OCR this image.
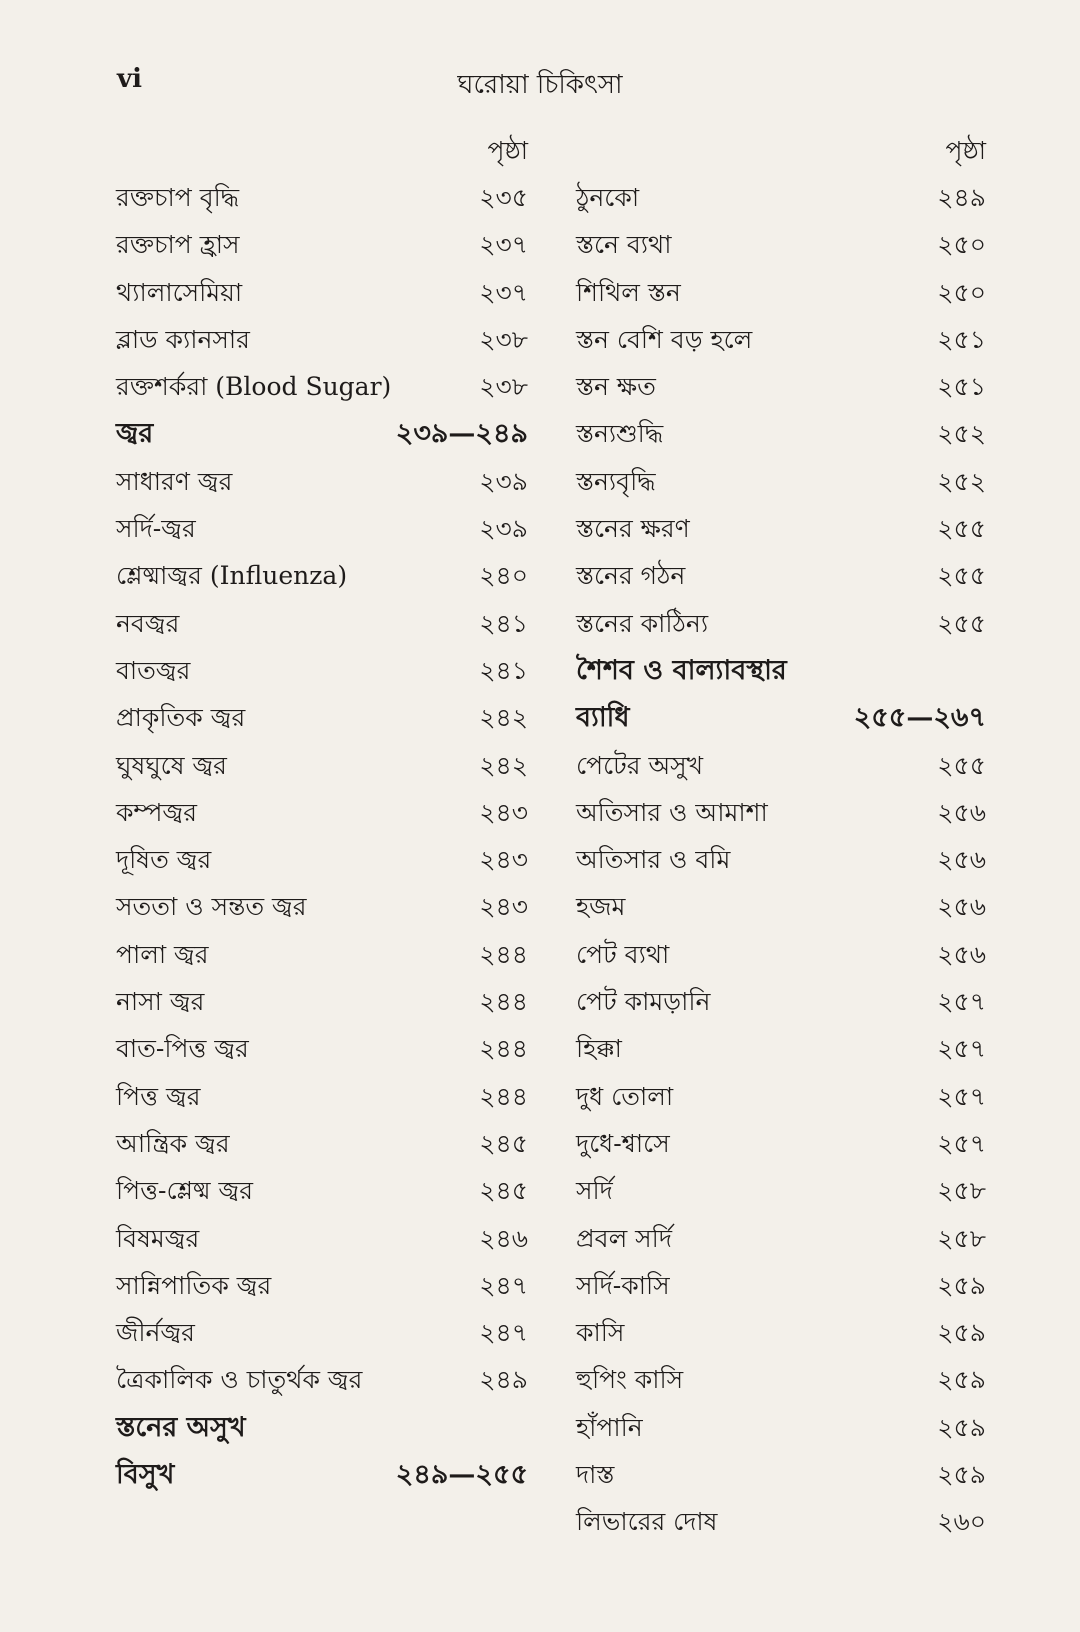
vi	ঘরোয়া চিকিৎসা
পৃষ্ঠা
রক্তচাপ বৃদ্ধি	২৩৫
রক্তচাপ হ্রাস	২৩৭
থ্যালাসেমিয়া	২৩৭
ব্লাড ক্যানসার	২৩৮
রক্তশর্করা (Blood Sugar)	২৩৮
জ্বর	২৩৯—২৪৯
সাধারণ জ্বর	২৩৯
সর্দি-জ্বর	২৩৯
শ্লেষ্মাজ্বর (Influenza)	২৪০
নবজ্বর	২৪১
বাতজ্বর	২৪১
প্রাকৃতিক জ্বর	২৪২
ঘুষঘুষে জ্বর	২৪২
কম্পজ্বর	২৪৩
দূষিত জ্বর	২৪৩
সততা ও সন্তত জ্বর	২৪৩
পালা জ্বর	২৪৪
নাসা জ্বর	২৪৪
বাত-পিত্ত জ্বর	২৪৪
পিত্ত জ্বর	২৪৪
আন্ত্রিক জ্বর	২৪৫
পিত্ত-শ্লেষ্ম জ্বর	২৪৫
বিষমজ্বর	২৪৬
সান্নিপাতিক জ্বর	২৪৭
জীর্নজ্বর	২৪৭
ত্রৈকালিক ও চাতুর্থক জ্বর	২৪৯
স্তনের অসুখ
বিসুখ	২৪৯—২৫৫
পৃষ্ঠা
ঠুনকো	২৪৯
স্তনে ব্যথা	২৫০
শিথিল স্তন	২৫০
স্তন বেশি বড় হলে	২৫১
স্তন ক্ষত	২৫১
স্তন্যশুদ্ধি	২৫২
স্তন্যবৃদ্ধি	২৫২
স্তনের ক্ষরণ	২৫৫
স্তনের গঠন	২৫৫
স্তনের কাঠিন্য	২৫৫
শৈশব ও বাল্যাবস্থার
ব্যাধি	২৫৫—২৬৭
পেটের অসুখ	২৫৫
অতিসার ও আমাশা	২৫৬
অতিসার ও বমি	২৫৬
হজম	২৫৬
পেট ব্যথা	২৫৬
পেট কামড়ানি	২৫৭
হিক্কা	২৫৭
দুধ তোলা	২৫৭
দুধে-শ্বাসে	২৫৭
সর্দি	২৫৮
প্রবল সর্দি	২৫৮
সর্দি-কাসি	২৫৯
কাসি	২৫৯
হুপিং কাসি	২৫৯
হাঁপানি	২৫৯
দাস্ত	২৫৯
লিভারের দোষ	২৬০
